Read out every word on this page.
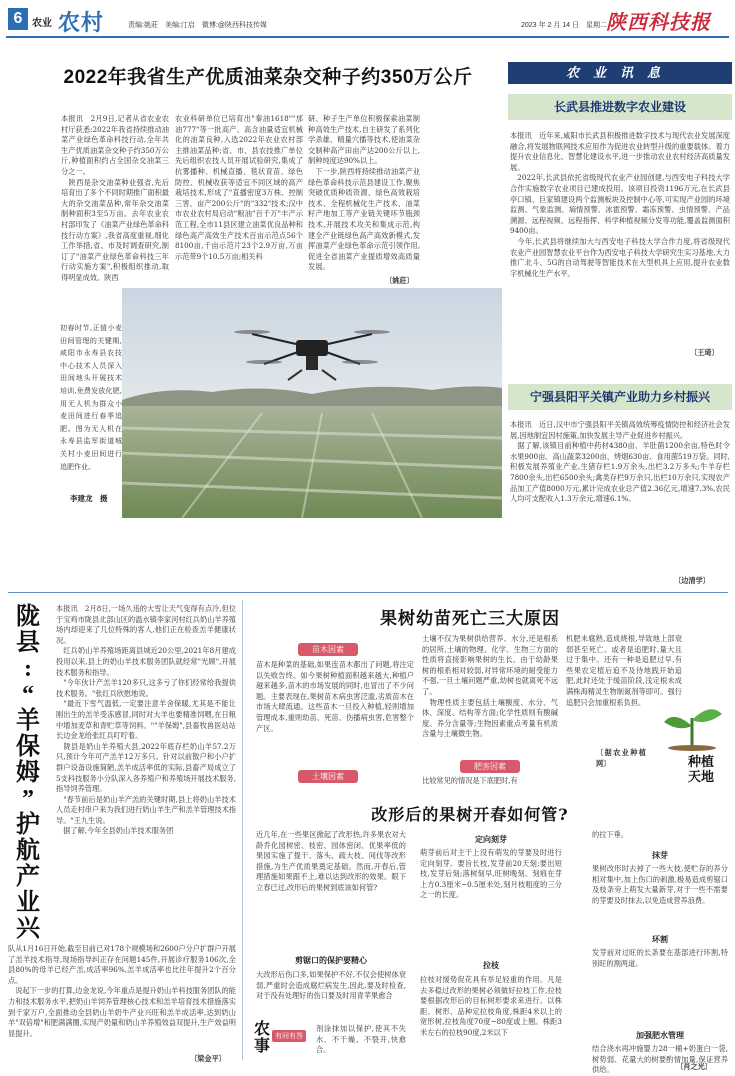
6 农业 农村	责编:姚莊　美编:汀启　微博:@陕西科技传媒	2023 年 2 月 14 日　星期二 陕西科技报
2022年我省生产优质油菜杂交种子约350万公斤
本报讯　2月9日,记者从省农业农村厅获悉:2022年我省持续推动油菜产业绿色革命科技行动,全年共生产优质油菜杂交种子约350万公斤,种植面积约占全国杂交油菜三分之一。
　陕西是杂交油菜种业强省,先后培育出了多个不同时期推广面积最大的杂交油菜品种,常年杂交油菜制种面积3至5万亩。去年农业农村部印发了《油菜产业绿色革命科技行动方案》,我省高度重视,细化工作举措,省、市及时调查研究,制订了"油菜产业绿色革命科技三年行动实施方案",积极组织推动,取得明显成效。陕西
农业科研单位已培育出"秦油1618""邡油777"等一批高产、高含油量适宜机械化的油菜良种,入选2022年农业农村部主推油菜品种;省、市、县农技推广单位先后组织农技人员开展试验研究,集成了抗雾播种、机械直播、毯状育苗、绿色防控、机械收获等适宜不同区域的高产栽培技术,形成了"直播密度3万株、控制三害、亩产200公斤"的"332"技术;汉中市农业农村局启动"粮油"百千万"丰产示范工程,全市11县区建立油菜优良品种和绿色高产高效生产技术百亩示范点56个8100亩,千亩示范片23个2.9万亩,万亩示范带9个10.5万亩;相关科
研、种子生产单位积极探索油菜制种高效生产技术,自主研发了系列化学杀雄、精量穴播等技术,使油菜杂交制种高产田亩产达200公斤以上,制种纯度达90%以上。
　下一步,陕西将持续推动油菜产业绿色革命科技示范县建设工作,聚焦突破优质种质资源、绿色高效栽培技术、全程机械化生产技术、油菜籽产地加工等产业链关键环节瓶颈技术,开展技术攻关和集成示范,构建全产业链绿色高产高效新模式,发挥油菜产业绿色革命示范引领作用,促进全省油菜产业提质增效高质量发展。
〔姚莊〕
初春时节,正值小麦田间管理的关键期,咸阳市永寿县农技中心技术人员深入田间地头开展技术培训,免费发放化肥,用无人机为群众小麦田间进行春季追肥。图为无人机在永寿县监军街道城关村小麦田间进行追肥作业。
李建龙　摄
农业讯息
长武县推进数字农业建设
本报讯　近年来,咸阳市长武县积极推进数字技术与现代农业发展深度融合,将发展物联网技术应用作为促进农业转型升级的重要载体。着力提升农业信息化、智慧化建设水平,进一步推动农业农村经济高质量发展。
　2022年,长武县依托省级现代农业产业园创建,与西安电子科技大学合作实施数字农业项目已建成投用。该项目投资1196万元,在长武县亭口镇、巨家镇建设两个监测板块及控制中心等,可实现产业园的环境监测、气象监测、墒情预警、冰雹预警、霜冻预警、虫情预警、产品溯源、远程视频、远程指挥、科学种植视频分发等功能,覆盖监测面积9400亩。
　今年,长武县将继续加大与西安电子科技大学合作力度,将省级现代农业产业园智慧农业平台作为西安电子科技大学研究生实习基地,大力推广北斗、5G的自动驾驶等智能技术在大型机具上应用,提升农业数字机械化生产水平。
〔王琦〕
宁强县阳平关镇产业助力乡村振兴
本报讯　近日,汉中市宁强县阳平关镇高效统筹疫情防控和经济社会发展,因地制宜因村施策,加快发展主导产业促进乡村振兴。
　据了解,该镇目前种植中药材4380亩、羊肚菌1200余亩,特色时令水果900亩、高山蔬菜3200亩、烤烟630亩、食用菌519万袋。同时,积极发展养殖业产业,生猪存栏1.9万余头,出栏3.2万多头;牛羊存栏7800余头,出栏6500余头;禽类存栏9万余只,出栏10万余只,实现农产品加工产值8000万元,累计完成农业总产值2.36亿元,增速7.3%,农民人均可支配收入1.3万余元,增速6.1%。
〔边清学〕
陇
县
:
“
羊
保
姆
”
护
航
产
业
兴
本报讯　2月8日,一场久违的大雪让天气变得有点冷,但位于宝鸡市陇县北部山区的温水镇李家河村红兵奶山羊养殖场内却迎来了几位特殊的客人,他们正在检查羔羊健康状况。
　红兵奶山羊养殖场距离县城近20公里,2021年8月建成投用以来,县上的奶山羊技术服务团队就经常"光顾",开展技术服务和指导。
　"今年伙计产羔羊120多只,这多亏了你们经常给我提供技术服务。"张红兵欣慰地说。
　"最近下雪气温低,一定要注意羊舍保暖,尤其是不能让刚出生的羔羊受冻感冒,同时对大羊也要精准饲喂,在日粮中增加麦草和青贮草等饲料。""羊保姆",县畜牧兽医站站长边金龙给张红兵叮咛着。
　陇县是奶山羊养殖大县,2022年底存栏奶山羊57.2万只,预计今年可产羔羊12万多只。针对以前散户和小户扩群户设备设施简陋,羔羊成活率低的实际,县畜产局成立了5支科技服务小分队深入各养殖户和养殖场开展技术服务,指导饲养管理。
　"春节前后是奶山羊产羔的关键时期,县上将奶山羊技术人员走村串户来为我们进行奶山羊生产和羔羊管理技术指导。"王九生说。
　据了解,今年全县奶山羊技术服务团
队从1月16日开始,截至目前已对178个规模场和2600户分户扩群户开展了羔羊技术指导,现场指导纠正存在问题145件,开展诊疗服务106次,全县80%的母羊已经产羔,成活率96%,羔羊成活率也比往年提升2个百分点。
　说起下一步的打算,边金龙说,今年重点是提升奶山羊科技服务团队的能力和技术服务水平,把奶山羊饲养管理核心技术和羔羊培育技术措施落实到千家万户,全面推动全县奶山羊奶牛产业兴旺和羔羊成活率,达到奶山羊"双倍增"和肥满满圈,实现产奶量和奶山羊养殖效益双提升,生产效益明显提升。
〔梁金平〕
果树幼苗死亡三大原因
苗木因素
苗木是种菜的基础,如果连苗木都出了问题,将注定以失败告终。如今果树种植面积越来越大,种植户越来越多,苗木的市场发展的同时,也冒出了不少问题。主要表现在,果树苗木病虫害泛滥,劣质苗木在市场大肆流通。这些苗木一旦投入种植,轻则增加管理成本,重则幼苗、死苗、伤播病虫害,危害整个产区。
土壤因素
土壤不仅为果树供给营养、水分,还是根系的居所,土壤的物理、化学、生物三方面的性质将直接影响果树的生长。由于幼龄果树的根系相对较弱,对异常环境的耐受能力不强,一旦土壤问题严重,幼树也就离死不远了。
　物理性质主要包括土壤酸度、水分、气体、深度、结构等方面;化学性质则有酸碱度、养分含量等;生物因素重点考量有机质含量与土壤微生物。
肥害因素
比较常见的情况是下底肥时,有
机肥未腐熟,造成烧根,导致地上部衰弱甚至死亡。或者是追肥时,量大且过于集中。还有一种是追肥过早,有些果农定植后追不及待地践开始追肥,此时还处于缓苗阶段,浅定根未成满株海精灵生物制氮剂等即可。强行追肥只会加重根系负担。
〔据农业种植网〕	种植天地
改形后的果树开春如何管?
近几年,在一些果区掀起了改形热,许多果农对大龄乔化园树密、枝密、园体密闭、优果率低的果园实施了提干、落头、疏大枝、间伐等改形措施,为生产优质果奠定基础。然而,开春后,管理措施如果跟不上,难以达到改形的效果。眼下立春已过,改形后的果树到底该如何管?
剪锯口的保护要精心
大改形后伤口多,如果保护不好,不仅会使树体衰弱,严重时会造成腐烂病发生,因此,要及时检查,对于没有处理好的伤口要及时用青苹果愈合
农
事 有问有答
剂涂抹加以保护,使其不失水、不干燥、不裂开,快愈合。
定向刻芽
萌芽前后对主干上没有萌发的芽要及时进行定向刻芽。要旨长枝,发芽前20天刻;要出短枝,发芽后刻;落树刻早,旺树晚刻。刻痕在芽上方0.3厘米~0.5厘米处,刻月枝粗度的三分之一的长度。
拉枝
拉枝对缓势促花具有举足轻重的作用。凡是去多稳过改形的果树必须做好拉枝工作,拉枝要根据改形后的目标树形要求来进行。以株距、树形、品种定拉枝角度,株距4米以上的宽形树,拉枝角度70度~80度或上翘。株距3米左右的拉枝90度,2米以下
的拉下垂。
抹芽
果树改形时去掉了一些大枝,使贮存的养分相对集中,加上伤口的刺激,极易造成剪锯口及枝条旁上萌发大量新芽,对于一些不需要的芽要及时抹去,以免造成营养浪费。
环割
发芽前对过旺的长条要在基部进行环割,特别旺的割两道。
加强肥水管理
结合浇水再冲施婴力28一桶+奶蛋白一袋,树势弱、花量大的树要酌情加量,保证营养供给。	〔肖之光〕
